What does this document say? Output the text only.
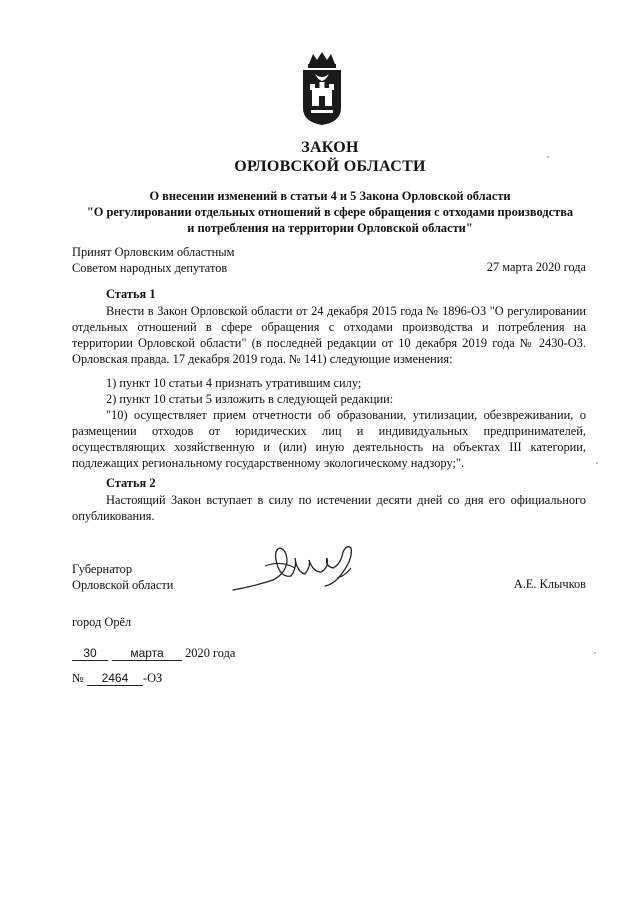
ЗАКОН
ОРЛОВСКОЙ ОБЛАСТИ
О внесении изменений в статьи 4 и 5 Закона Орловской области
"О регулировании отдельных отношений в сфере обращения с отходами производства
и потребления на территории Орловской области"
Принят Орловским областным
Советом народных депутатов	27 марта 2020 года
Статья 1
Внести в Закон Орловской области от 24 декабря 2015 года № 1896-ОЗ "О регулировании отдельных отношений в сфере обращения с отходами производства и потребления на территории Орловской области" (в последней редакции от 10 декабря 2019 года № 2430-ОЗ. Орловская правда. 17 декабря 2019 года. № 141) следующие изменения:
1) пункт 10 статьи 4 признать утратившим силу;
2) пункт 10 статьи 5 изложить в следующей редакции:
"10) осуществляет прием отчетности об образовании, утилизации, обезвреживании, о размещении отходов от юридических лиц и индивидуальных предпринимателей, осуществляющих хозяйственную и (или) иную деятельность на объектах III категории, подлежащих региональному государственному экологическому надзору;".
Статья 2
Настоящий Закон вступает в силу по истечении десяти дней со дня его официального опубликования.
Губернатор
Орловской области	А.Е. Клычков
город Орёл
30	марта 2020 года
№ 2464 -ОЗ
